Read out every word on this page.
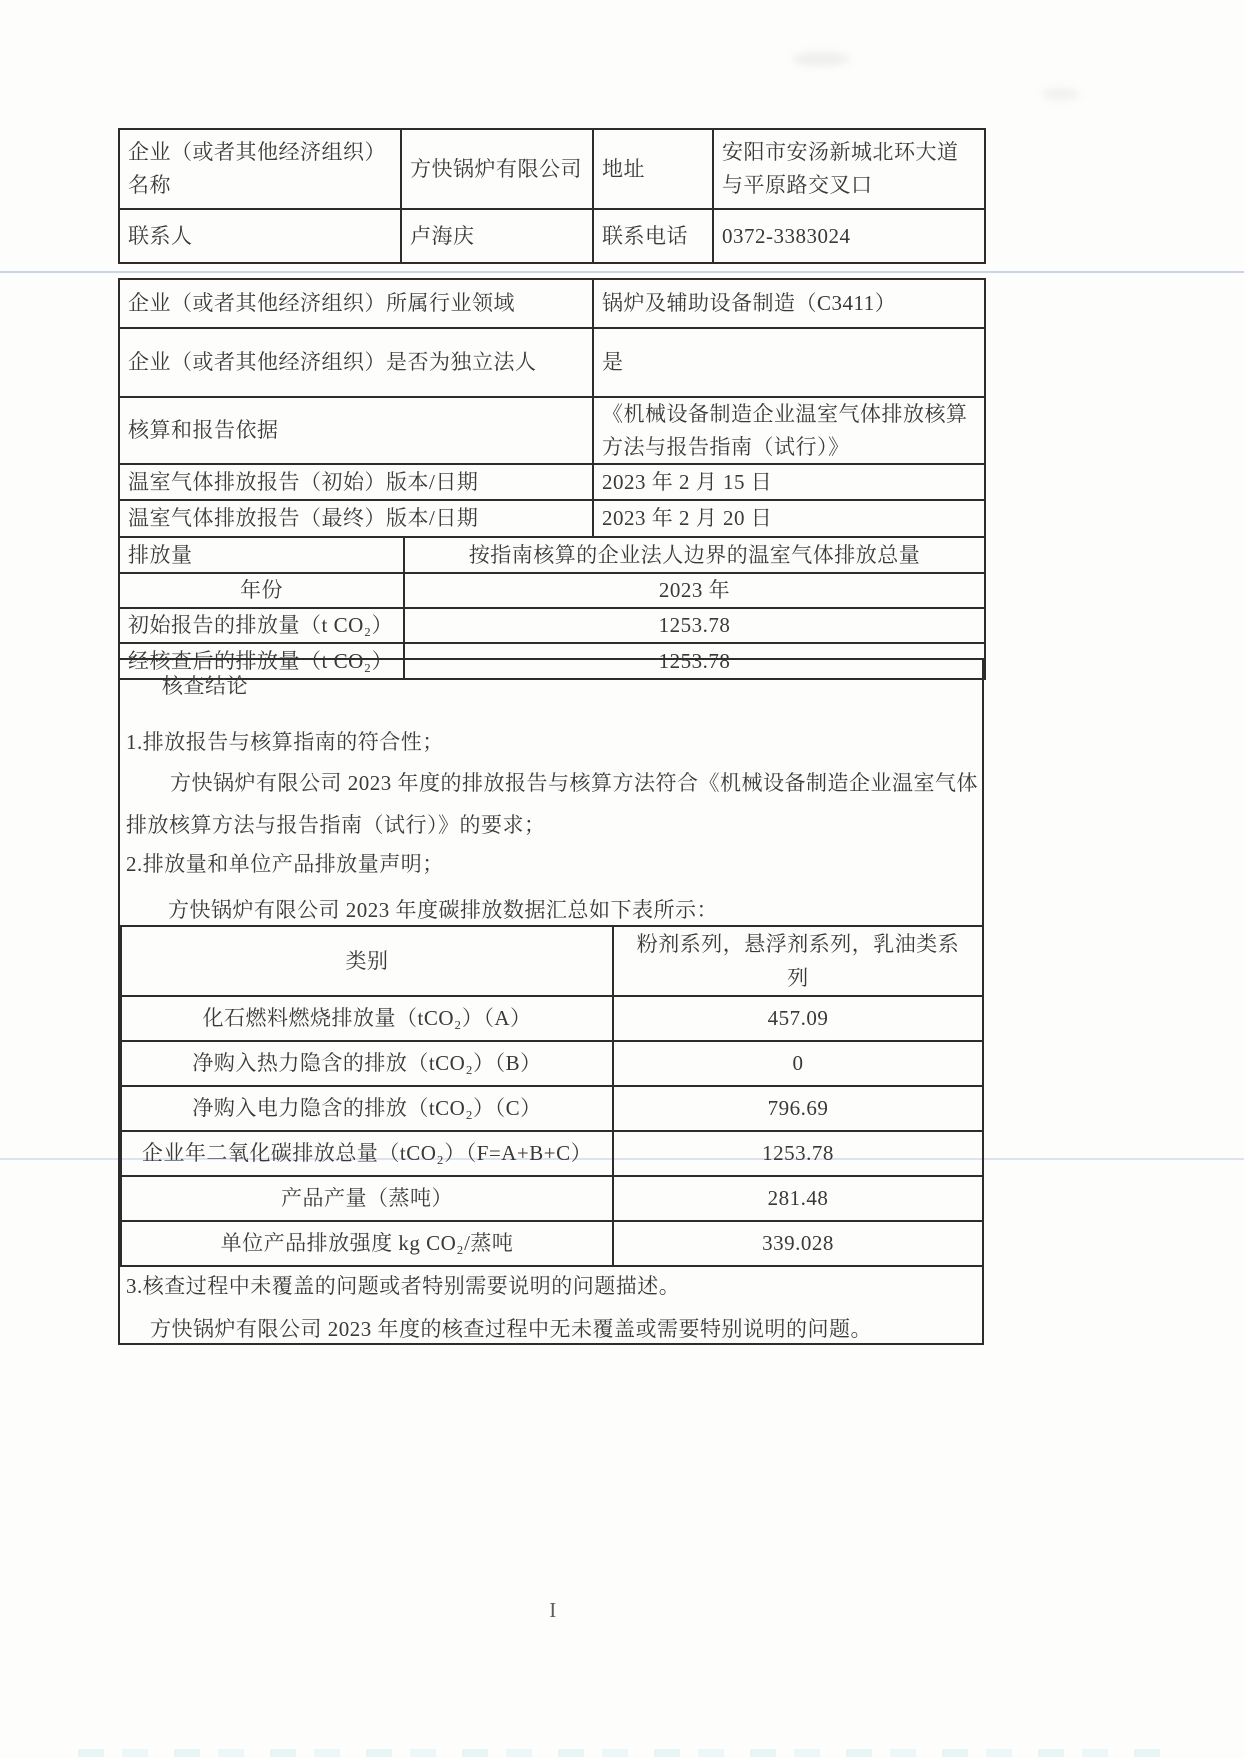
企业（或者其他经济组织）名称	方快锅炉有限公司	地址	安阳市安汤新城北环大道与平原路交叉口
联系人	卢海庆	联系电话	0372-3383024
企业（或者其他经济组织）所属行业领域		锅炉及辅助设备制造（C3411）
企业（或者其他经济组织）是否为独立法人		是
核算和报告依据		《机械设备制造企业温室气体排放核算方法与报告指南（试行）》
温室气体排放报告（初始）版本/日期		2023 年 2 月 15 日
温室气体排放报告（最终）版本/日期		2023 年 2 月 20 日
排放量	按指南核算的企业法人边界的温室气体排放总量	
年份	2023 年	
初始报告的排放量（t CO₂）	1253.78	
经核查后的排放量（t CO₂）	1253.78	
核查结论
1.排放报告与核算指南的符合性；
方快锅炉有限公司 2023 年度的排放报告与核算方法符合《机械设备制造企业温室气体排放核算方法与报告指南（试行）》的要求；
2.排放量和单位产品排放量声明；
方快锅炉有限公司 2023 年度碳排放数据汇总如下表所示：
3.核查过程中未覆盖的问题或者特别需要说明的问题描述。
方快锅炉有限公司 2023 年度的核查过程中无未覆盖或需要特别说明的问题。
类别	粉剂系列，悬浮剂系列，乳油类系列
化石燃料燃烧排放量（tCO₂）（A）	457.09
净购入热力隐含的排放（tCO₂）（B）	0
净购入电力隐含的排放（tCO₂）（C）	796.69
企业年二氧化碳排放总量（tCO₂）（F=A+B+C）	1253.78
产品产量（蒸吨）	281.48
单位产品排放强度 kg CO₂/蒸吨	339.028
I
